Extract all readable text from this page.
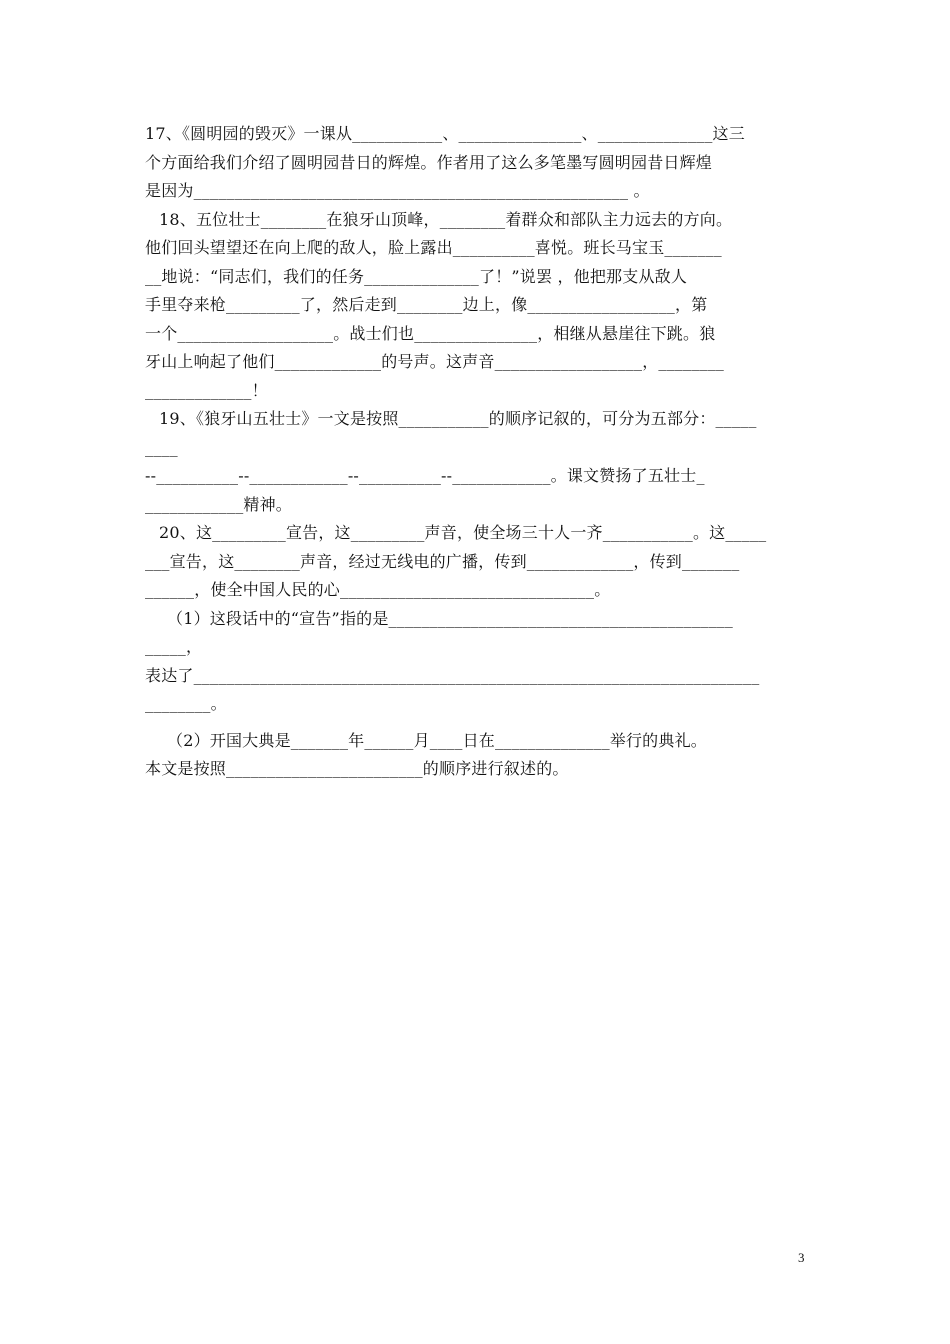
17、《圆明园的毁灭》一课从___________、_______________、______________这三
个方面给我们介绍了圆明园昔日的辉煌。作者用了这么多笔墨写圆明园昔日辉煌
是因为_____________________________________________________ 。
18、五位壮士________在狼牙山顶峰，________着群众和部队主力远去的方向。
他们回头望望还在向上爬的敌人，脸上露出__________喜悦。班长马宝玉_______
__地说：“同志们，我们的任务______________了！”说罢 ，他把那支从敌人
手里夺来枪_________了，然后走到________边上，像__________________，第
一个___________________。战士们也_______________，相继从悬崖往下跳。狼
牙山上响起了他们_____________的号声。这声音__________________，________
_____________！
19、《狼牙山五壮士》一文是按照___________的顺序记叙的，可分为五部分：_____
____
--__________--____________--__________--____________。课文赞扬了五壮士_
____________精神。
20、这_________宣告，这_________声音，使全场三十人一齐___________。这_____
___宣告，这________声音，经过无线电的广播，传到_____________，传到_______
______，使全中国人民的心_______________________________。
（1）这段话中的“宣告”指的是__________________________________________
_____，
表达了_____________________________________________________________________
________。
（2）开国大典是_______年______月____日在______________举行的典礼。
本文是按照________________________的顺序进行叙述的。
3
